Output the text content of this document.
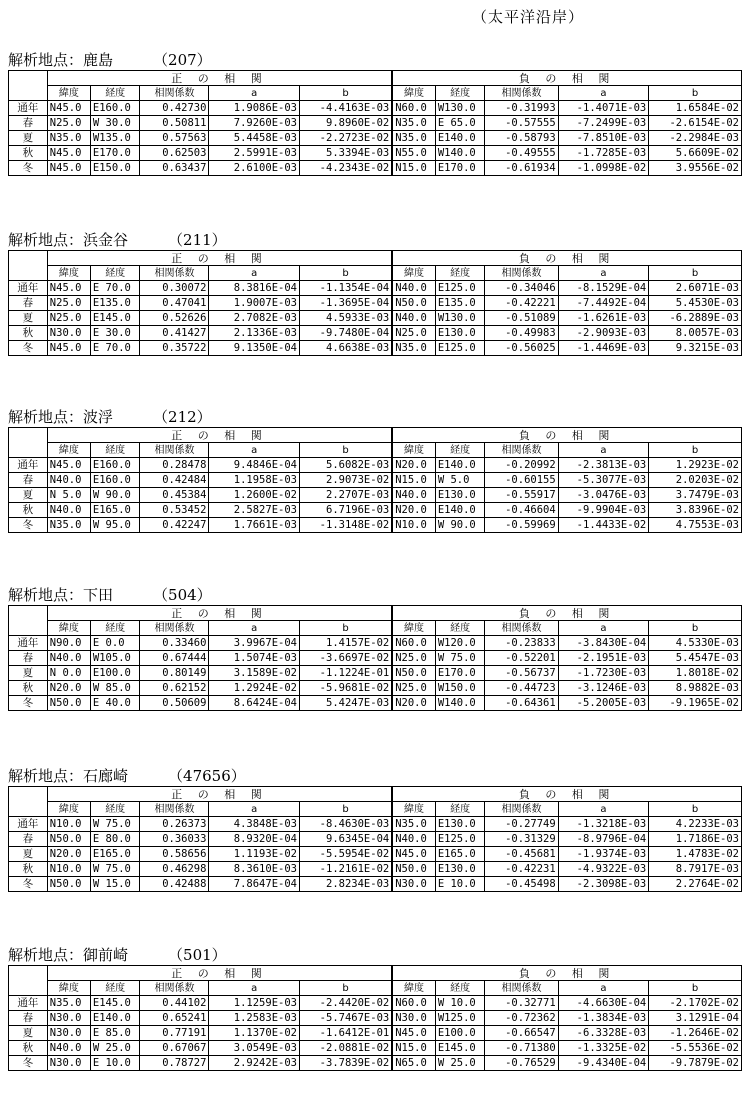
（太平洋沿岸）
解析地点：鹿島	（207）
	正 の 相 関					負 の 相 関				
	緯度	経度	相関係数	a	b	緯度	経度	相関係数	a	b
通年	N45.0	E160.0	0.42730	1.9086E-03	-4.4163E-03	N60.0	W130.0	-0.31993	-1.4071E-03	1.6584E-02
春	N25.0	W 30.0	0.50811	7.9260E-03	9.8960E-02	N35.0	E 65.0	-0.57555	-7.2499E-03	-2.6154E-02
夏	N35.0	W135.0	0.57563	5.4458E-03	-2.2723E-02	N35.0	E140.0	-0.58793	-7.8510E-03	-2.2984E-03
秋	N45.0	E170.0	0.62503	2.5991E-03	5.3394E-03	N55.0	W140.0	-0.49555	-1.7285E-03	5.6609E-02
冬	N45.0	E150.0	0.63437	2.6100E-03	-4.2343E-02	N15.0	E170.0	-0.61934	-1.0998E-02	3.9556E-02
解析地点：浜金谷	（211）
	正 の 相 関					負 の 相 関				
	緯度	経度	相関係数	a	b	緯度	経度	相関係数	a	b
通年	N45.0	E 70.0	0.30072	8.3816E-04	-1.1354E-04	N40.0	E125.0	-0.34046	-8.1529E-04	2.6071E-03
春	N25.0	E135.0	0.47041	1.9007E-03	-1.3695E-04	N50.0	E135.0	-0.42221	-7.4492E-04	5.4530E-03
夏	N25.0	E145.0	0.52626	2.7082E-03	4.5933E-03	N40.0	W130.0	-0.51089	-1.6261E-03	-6.2889E-03
秋	N30.0	E 30.0	0.41427	2.1336E-03	-9.7480E-04	N25.0	E130.0	-0.49983	-2.9093E-03	8.0057E-03
冬	N45.0	E 70.0	0.35722	9.1350E-04	4.6638E-03	N35.0	E125.0	-0.56025	-1.4469E-03	9.3215E-03
解析地点：波浮	（212）
	正 の 相 関					負 の 相 関				
	緯度	経度	相関係数	a	b	緯度	経度	相関係数	a	b
通年	N45.0	E160.0	0.28478	9.4846E-04	5.6082E-03	N20.0	E140.0	-0.20992	-2.3813E-03	1.2923E-02
春	N40.0	E160.0	0.42484	1.1958E-03	2.9073E-02	N15.0	W 5.0	-0.60155	-5.3077E-03	2.0203E-02
夏	N 5.0	W 90.0	0.45384	1.2600E-02	2.2707E-03	N40.0	E130.0	-0.55917	-3.0476E-03	3.7479E-03
秋	N40.0	E165.0	0.53452	2.5827E-03	6.7196E-03	N20.0	E140.0	-0.46604	-9.9904E-03	3.8396E-02
冬	N35.0	W 95.0	0.42247	1.7661E-03	-1.3148E-02	N10.0	W 90.0	-0.59969	-1.4433E-02	4.7553E-03
解析地点：下田	（504）
	正 の 相 関					負 の 相 関				
	緯度	経度	相関係数	a	b	緯度	経度	相関係数	a	b
通年	N90.0	E 0.0	0.33460	3.9967E-04	1.4157E-02	N60.0	W120.0	-0.23833	-3.8430E-04	4.5330E-03
春	N40.0	W105.0	0.67444	1.5074E-03	-3.6697E-02	N25.0	W 75.0	-0.52201	-2.1951E-03	5.4547E-03
夏	N 0.0	E100.0	0.80149	3.1589E-02	-1.1224E-01	N50.0	E170.0	-0.56737	-1.7230E-03	1.8018E-02
秋	N20.0	W 85.0	0.62152	1.2924E-02	-5.9681E-02	N25.0	W150.0	-0.44723	-3.1246E-03	8.9882E-03
冬	N50.0	E 40.0	0.50609	8.6424E-04	5.4247E-03	N20.0	W140.0	-0.64361	-5.2005E-03	-9.1965E-02
解析地点：石廊崎	（47656）
	正 の 相 関					負 の 相 関				
	緯度	経度	相関係数	a	b	緯度	経度	相関係数	a	b
通年	N10.0	W 75.0	0.26373	4.3848E-03	-8.4630E-03	N35.0	E130.0	-0.27749	-1.3218E-03	4.2233E-03
春	N50.0	E 80.0	0.36033	8.9320E-04	9.6345E-04	N40.0	E125.0	-0.31329	-8.9796E-04	1.7186E-03
夏	N20.0	E165.0	0.58656	1.1193E-02	-5.5954E-02	N45.0	E165.0	-0.45681	-1.9374E-03	1.4783E-02
秋	N10.0	W 75.0	0.46298	8.3610E-03	-1.2161E-02	N50.0	E130.0	-0.42231	-4.9322E-03	8.7917E-03
冬	N50.0	W 15.0	0.42488	7.8647E-04	2.8234E-03	N30.0	E 10.0	-0.45498	-2.3098E-03	2.2764E-02
解析地点：御前崎	（501）
	正 の 相 関					負 の 相 関				
	緯度	経度	相関係数	a	b	緯度	経度	相関係数	a	b
通年	N35.0	E145.0	0.44102	1.1259E-03	-2.4420E-02	N60.0	W 10.0	-0.32771	-4.6630E-04	-2.1702E-02
春	N30.0	E140.0	0.65241	1.2583E-03	-5.7467E-03	N30.0	W125.0	-0.72362	-1.3834E-03	3.1291E-04
夏	N30.0	E 85.0	0.77191	1.1370E-02	-1.6412E-01	N45.0	E100.0	-0.66547	-6.3328E-03	-1.2646E-02
秋	N40.0	W 25.0	0.67067	3.0549E-03	-2.0881E-02	N15.0	E145.0	-0.71380	-1.3325E-02	-5.5536E-02
冬	N30.0	E 10.0	0.78727	2.9242E-03	-3.7839E-02	N65.0	W 25.0	-0.76529	-9.4340E-04	-9.7879E-02
